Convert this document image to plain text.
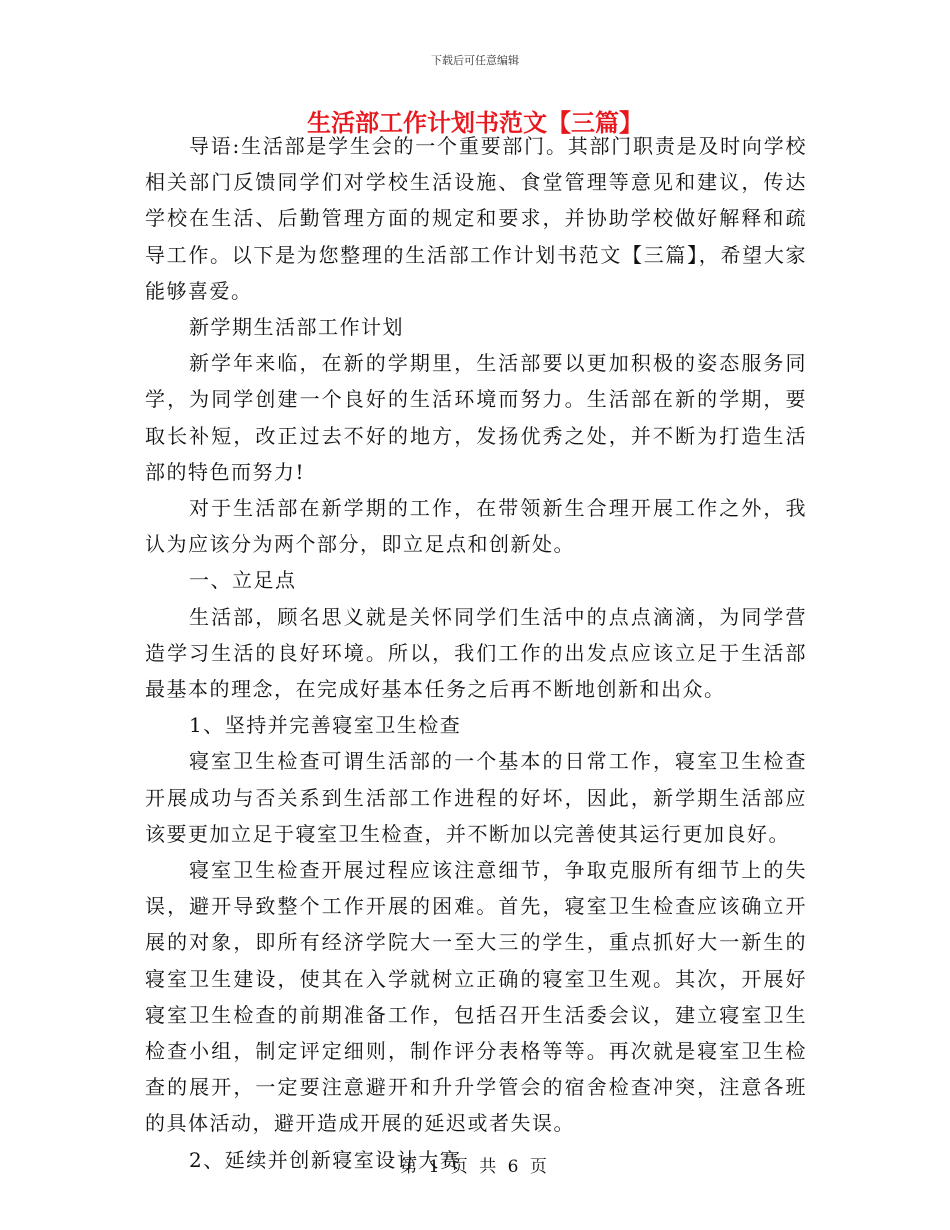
下载后可任意编辑
生活部工作计划书范文【三篇】

导语:生活部是学生会的一个重要部门。其部门职责是及时向学校相关部门反馈同学们对学校生活设施、食堂管理等意见和建议，传达学校在生活、后勤管理方面的规定和要求，并协助学校做好解释和疏导工作。以下是为您整理的生活部工作计划书范文【三篇】，希望大家能够喜爱。

新学期生活部工作计划

新学年来临，在新的学期里，生活部要以更加积极的姿态服务同学，为同学创建一个良好的生活环境而努力。生活部在新的学期，要取长补短，改正过去不好的地方，发扬优秀之处，并不断为打造生活部的特色而努力!

对于生活部在新学期的工作，在带领新生合理开展工作之外，我认为应该分为两个部分，即立足点和创新处。

一、立足点

生活部，顾名思义就是关怀同学们生活中的点点滴滴，为同学营造学习生活的良好环境。所以，我们工作的出发点应该立足于生活部最基本的理念，在完成好基本任务之后再不断地创新和出众。

1、坚持并完善寝室卫生检查

寝室卫生检查可谓生活部的一个基本的日常工作，寝室卫生检查开展成功与否关系到生活部工作进程的好坏，因此，新学期生活部应该要更加立足于寝室卫生检查，并不断加以完善使其运行更加良好。

寝室卫生检查开展过程应该注意细节，争取克服所有细节上的失误，避开导致整个工作开展的困难。首先，寝室卫生检查应该确立开展的对象，即所有经济学院大一至大三的学生，重点抓好大一新生的寝室卫生建设，使其在入学就树立正确的寝室卫生观。其次，开展好寝室卫生检查的前期准备工作，包括召开生活委会议，建立寝室卫生检查小组，制定评定细则，制作评分表格等等。再次就是寝室卫生检查的展开，一定要注意避开和升升学管会的宿舍检查冲突，注意各班的具体活动，避开造成开展的延迟或者失误。

2、延续并创新寝室设计大赛

第 1 页 共 6 页
